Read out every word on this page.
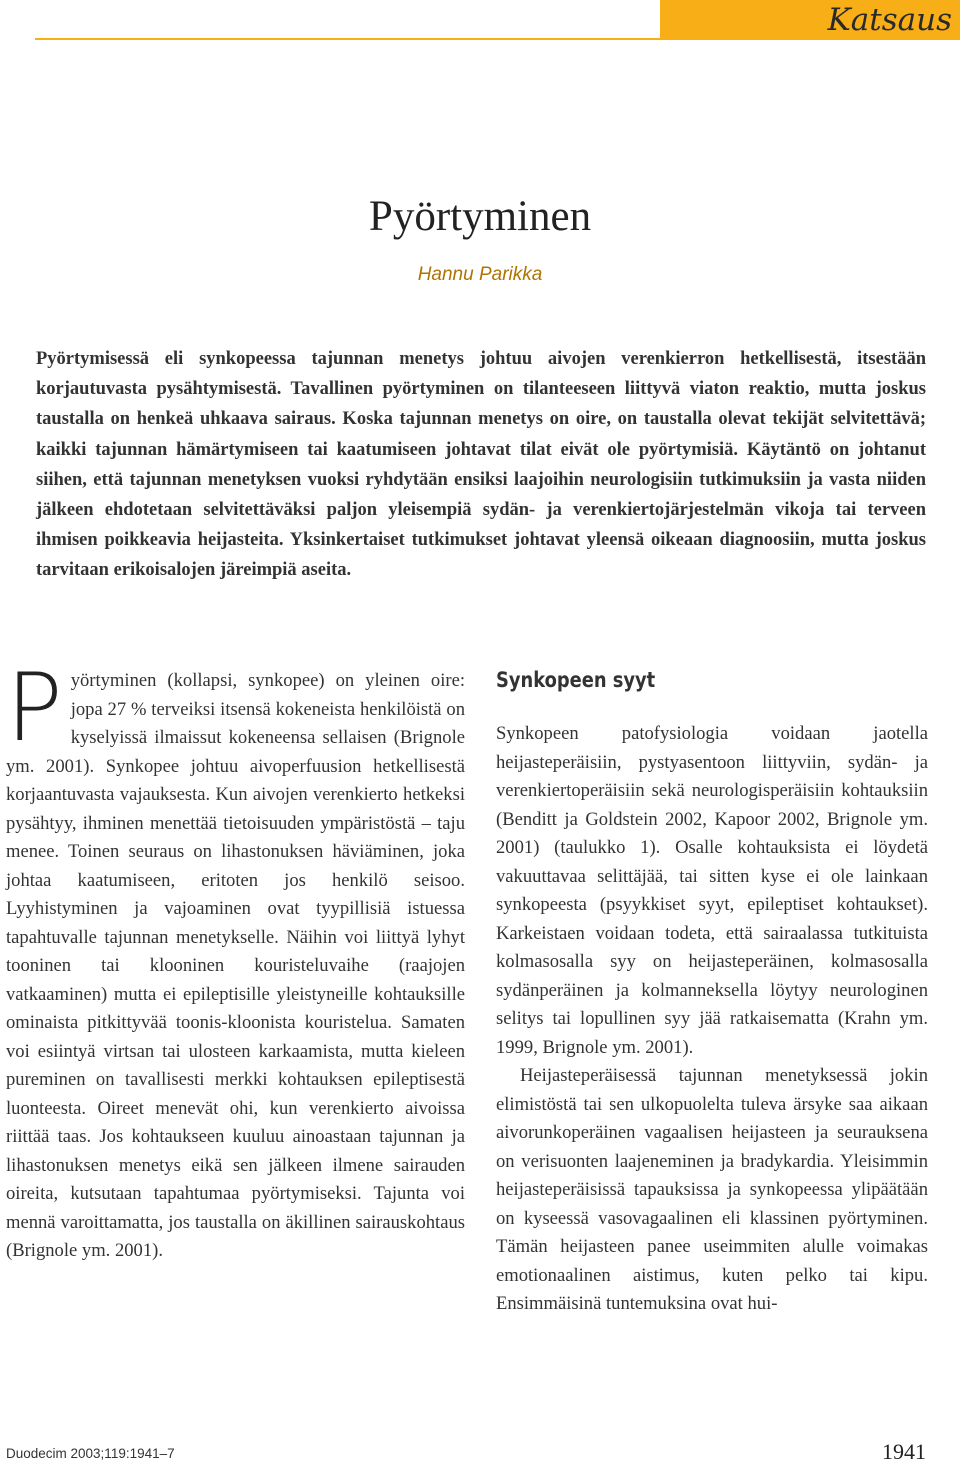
Katsaus
Pyörtyminen
Hannu Parikka

Pyörtymisessä eli synkopeessa tajunnan menetys johtuu aivojen verenkierron hetkellisestä, itsestään korjautuvasta pysähtymisestä. Tavallinen pyörtyminen on tilanteeseen liittyvä viaton reaktio, mutta joskus taustalla on henkeä uhkaava sairaus. Koska tajunnan menetys on oire, on taustalla olevat tekijät selvitettävä; kaikki tajunnan hämärtymiseen tai kaatumiseen johtavat tilat eivät ole pyörtymisiä. Käytäntö on johtanut siihen, että tajunnan menetyksen vuoksi ryhdytään ensiksi laajoihin neurologisiin tutkimuksiin ja vasta niiden jälkeen ehdotetaan selvitettäväksi paljon yleisempiä sydän- ja verenkiertojärjestelmän vikoja tai terveen ihmisen poikkeavia heijasteita. Yksinkertaiset tutkimukset johtavat yleensä oikeaan diagnoosiin, mutta joskus tarvitaan erikoisalojen järeimpiä aseita.

Pyörtyminen (kollapsi, synkopee) on yleinen oire: jopa 27 % terveiksi itsensä kokeneista henkilöistä on kyselyissä ilmaissut kokeneensa sellaisen (Brignole ym. 2001). Synkopee johtuu aivoperfuusion hetkellisestä korjaantuvasta vajauksesta. Kun aivojen verenkierto hetkeksi pysähtyy, ihminen menettää tietoisuuden ympäristöstä – taju menee. Toinen seuraus on lihastonuksen häviäminen, joka johtaa kaatumiseen, eritoten jos henkilö seisoo. Lyyhistyminen ja vajoaminen ovat tyypillisiä istuessa tapahtuvalle tajunnan menetykselle. Näihin voi liittyä lyhyt tooninen tai klooninen kouristeluvaihe (raajojen vatkaaminen) mutta ei epileptisille yleistyneille kohtauksille ominaista pitkittyvää toonis-kloonista kouristelua. Samaten voi esiintyä virtsan tai ulosteen karkaamista, mutta kieleen pureminen on tavallisesti merkki kohtauksen epileptisestä luonteesta. Oireet menevät ohi, kun verenkierto aivoissa riittää taas. Jos kohtaukseen kuuluu ainoastaan tajunnan ja lihastonuksen menetys eikä sen jälkeen ilmene sairauden oireita, kutsutaan tapahtumaa pyörtymiseksi. Tajunta voi mennä varoittamatta, jos taustalla on äkillinen sairauskohtaus (Brignole ym. 2001).

Synkopeen syyt

Synkopeen patofysiologia voidaan jaotella heijasteperäisiin, pystyasentoon liittyviin, sydän- ja verenkiertoperäisiin sekä neurologisperäisiin kohtauksiin (Benditt ja Goldstein 2002, Kapoor 2002, Brignole ym. 2001) (taulukko 1). Osalle kohtauksista ei löydetä vakuuttavaa selittäjää, tai sitten kyse ei ole lainkaan synkopeesta (psyykkiset syyt, epileptiset kohtaukset). Karkeistaen voidaan todeta, että sairaalassa tutkituista kolmasosalla syy on heijasteperäinen, kolmasosalla sydänperäinen ja kolmanneksella löytyy neurologinen selitys tai lopullinen syy jää ratkaisematta (Krahn ym. 1999, Brignole ym. 2001).

Heijasteperäisessä tajunnan menetyksessä jokin elimistöstä tai sen ulkopuolelta tuleva ärsyke saa aikaan aivorunkoperäinen vagaalisen heijasteen ja seurauksena on verisuonten laajeneminen ja bradykardia. Yleisimmin heijasteperäisissä tapauksissa ja synkopeessa ylipäätään on kyseessä vasovagaalinen eli klassinen pyörtyminen. Tämän heijasteen panee useimmiten alulle voimakas emotionaalinen aistimus, kuten pelko tai kipu. Ensimmäisinä tuntemuksina ovat hui-

Duodecim 2003;119:1941–7	1941
